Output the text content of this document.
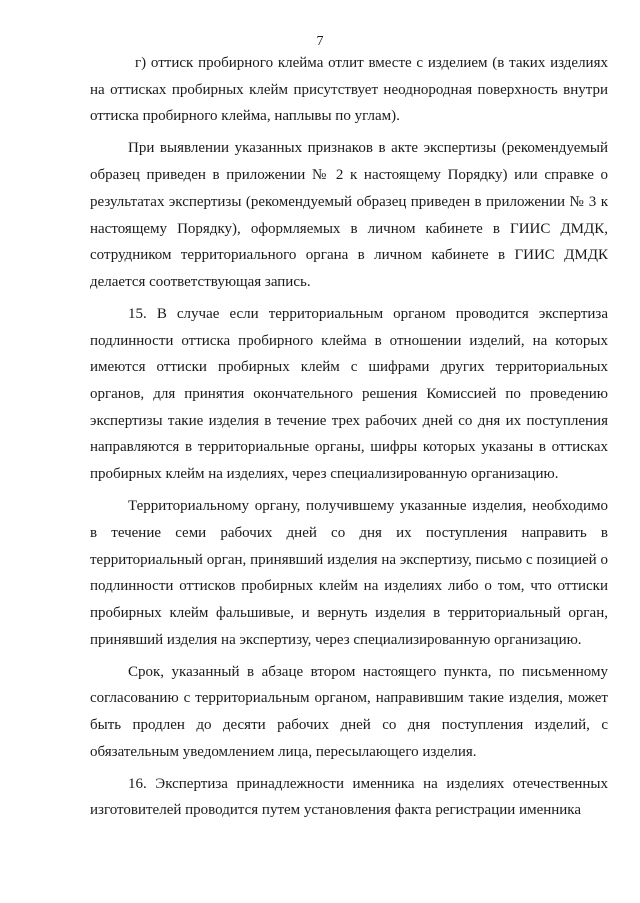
7

г) оттиск пробирного клейма отлит вместе с изделием (в таких изделиях на оттисках пробирных клейм присутствует неоднородная поверхность внутри оттиска пробирного клейма, наплывы по углам).

При выявлении указанных признаков в акте экспертизы (рекомендуемый образец приведен в приложении № 2 к настоящему Порядку) или справке о результатах экспертизы (рекомендуемый образец приведен в приложении № 3 к настоящему Порядку), оформляемых в личном кабинете в ГИИС ДМДК, сотрудником территориального органа в личном кабинете в ГИИС ДМДК делается соответствующая запись.

15. В случае если территориальным органом проводится экспертиза подлинности оттиска пробирного клейма в отношении изделий, на которых имеются оттиски пробирных клейм с шифрами других территориальных органов, для принятия окончательного решения Комиссией по проведению экспертизы такие изделия в течение трех рабочих дней со дня их поступления направляются в территориальные органы, шифры которых указаны в оттисках пробирных клейм на изделиях, через специализированную организацию.

Территориальному органу, получившему указанные изделия, необходимо в течение семи рабочих дней со дня их поступления направить в территориальный орган, принявший изделия на экспертизу, письмо с позицией о подлинности оттисков пробирных клейм на изделиях либо о том, что оттиски пробирных клейм фальшивые, и вернуть изделия в территориальный орган, принявший изделия на экспертизу, через специализированную организацию.

Срок, указанный в абзаце втором настоящего пункта, по письменному согласованию с территориальным органом, направившим такие изделия, может быть продлен до десяти рабочих дней со дня поступления изделий, с обязательным уведомлением лица, пересылающего изделия.

16. Экспертиза принадлежности именника на изделиях отечественных изготовителей проводится путем установления факта регистрации именника
